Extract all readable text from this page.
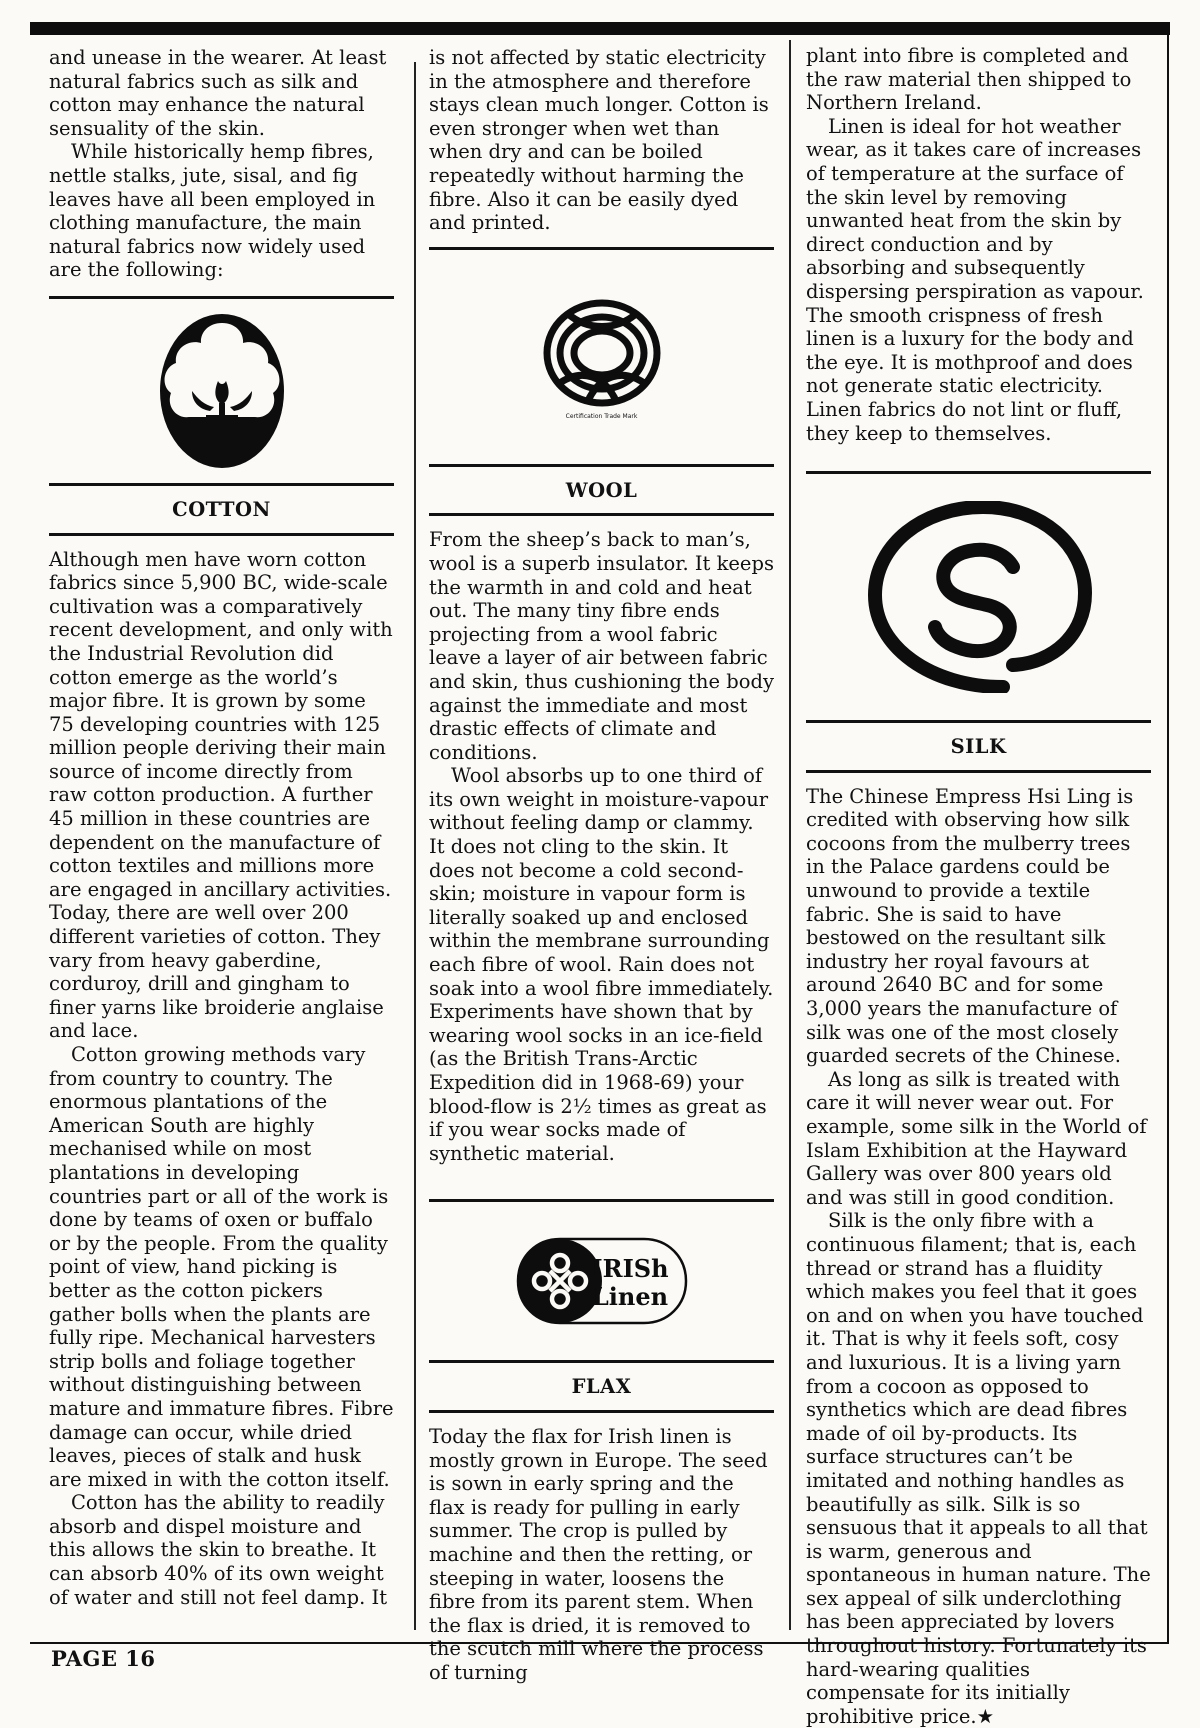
and unease in the wearer. At least natural fabrics such as silk and cotton may enhance the natural sensuality of the skin.

While historically hemp fibres, nettle stalks, jute, sisal, and fig leaves have all been employed in clothing manufacture, the main natural fabrics now widely used are the following:

COTTON

Although men have worn cotton fabrics since 5,900 BC, wide-scale cultivation was a comparatively recent development, and only with the Industrial Revolution did cotton emerge as the world’s major fibre. It is grown by some 75 developing countries with 125 million people deriving their main source of income directly from raw cotton production. A further 45 million in these countries are dependent on the manufacture of cotton textiles and millions more are engaged in ancillary activities. Today, there are well over 200 different varieties of cotton. They vary from heavy gaberdine, corduroy, drill and gingham to finer yarns like broiderie anglaise and lace.

Cotton growing methods vary from country to country. The enormous plantations of the American South are highly mechanised while on most plantations in developing countries part or all of the work is done by teams of oxen or buffalo or by the people. From the quality point of view, hand picking is better as the cotton pickers gather bolls when the plants are fully ripe. Mechanical harvesters strip bolls and foliage together without distinguishing between mature and immature fibres. Fibre damage can occur, while dried leaves, pieces of stalk and husk are mixed in with the cotton itself.

Cotton has the ability to readily absorb and dispel moisture and this allows the skin to breathe. It can absorb 40% of its own weight of water and still not feel damp. It

is not affected by static electricity in the atmosphere and therefore stays clean much longer. Cotton is even stronger when wet than when dry and can be boiled repeatedly without harming the fibre. Also it can be easily dyed and printed.

Certification Trade Mark
WOOL

From the sheep’s back to man’s, wool is a superb insulator. It keeps the warmth in and cold and heat out. The many tiny fibre ends projecting from a wool fabric leave a layer of air between fabric and skin, thus cushioning the body against the immediate and most drastic effects of climate and conditions.

Wool absorbs up to one third of its own weight in moisture-vapour without feeling damp or clammy. It does not cling to the skin. It does not become a cold second-skin; moisture in vapour form is literally soaked up and enclosed within the membrane surrounding each fibre of wool. Rain does not soak into a wool fibre immediately. Experiments have shown that by wearing wool socks in an ice-field (as the British Trans-Arctic Expedition did in 1968-69) your blood-flow is 2½ times as great as if you wear socks made of synthetic material.

IRISh
Linen
FLAX

Today the flax for Irish linen is mostly grown in Europe. The seed is sown in early spring and the flax is ready for pulling in early summer. The crop is pulled by machine and then the retting, or steeping in water, loosens the fibre from its parent stem. When the flax is dried, it is removed to the scutch mill where the process of turning

plant into fibre is completed and the raw material then shipped to Northern Ireland.

Linen is ideal for hot weather wear, as it takes care of increases of temperature at the surface of the skin level by removing unwanted heat from the skin by direct conduction and by absorbing and subsequently dispersing perspiration as vapour. The smooth crispness of fresh linen is a luxury for the body and the eye. It is mothproof and does not generate static electricity. Linen fabrics do not lint or fluff, they keep to themselves.

SILK

The Chinese Empress Hsi Ling is credited with observing how silk cocoons from the mulberry trees in the Palace gardens could be unwound to provide a textile fabric. She is said to have bestowed on the resultant silk industry her royal favours at around 2640 BC and for some 3,000 years the manufacture of silk was one of the most closely guarded secrets of the Chinese.

As long as silk is treated with care it will never wear out. For example, some silk in the World of Islam Exhibition at the Hayward Gallery was over 800 years old and was still in good condition.

Silk is the only fibre with a continuous filament; that is, each thread or strand has a fluidity which makes you feel that it goes on and on when you have touched it. That is why it feels soft, cosy and luxurious. It is a living yarn from a cocoon as opposed to synthetics which are dead fibres made of oil by-products. Its surface structures can’t be imitated and nothing handles as beautifully as silk. Silk is so sensuous that it appeals to all that is warm, generous and spontaneous in human nature. The sex appeal of silk underclothing has been appreciated by lovers throughout history. Fortunately its hard-wearing qualities compensate for its initially prohibitive price.★

PAGE 16
